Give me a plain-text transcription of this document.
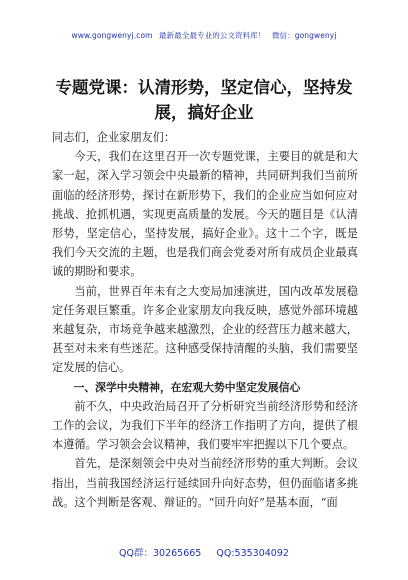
www.gongwenyj.com 最新最全最专业的公文资料库！ 微信：gongwenyj
专题党课：认清形势，坚定信心，坚持发展，搞好企业

同志们，企业家朋友们：

今天，我们在这里召开一次专题党课，主要目的就是和大家一起，深入学习领会中央最新的精神，共同研判我们当前所面临的经济形势，探讨在新形势下，我们的企业应当如何应对挑战、抢抓机遇，实现更高质量的发展。今天的题目是《认清形势，坚定信心，坚持发展，搞好企业》。这十二个字，既是我们今天交流的主题，也是我们商会党委对所有成员企业最真诚的期盼和要求。

当前，世界百年未有之大变局加速演进，国内改革发展稳定任务艰巨繁重。许多企业家朋友向我反映，感觉外部环境越来越复杂，市场竞争越来越激烈，企业的经营压力越来越大，甚至对未来有些迷茫。这种感受保持清醒的头脑，我们需要坚定发展的信心。

一、深学中央精神，在宏观大势中坚定发展信心

前不久，中央政治局召开了分析研究当前经济形势和经济工作的会议，为我们下半年的经济工作指明了方向，提供了根本遵循。学习领会会议精神，我们要牢牢把握以下几个要点。

首先，是深刻领会中央对当前经济形势的重大判断。会议指出，当前我国经济运行延续回升向好态势，但仍面临诸多挑战。这个判断是客观、辩证的。“回升向好”是基本面，“面

QQ群：30265665 QQ:535304092
